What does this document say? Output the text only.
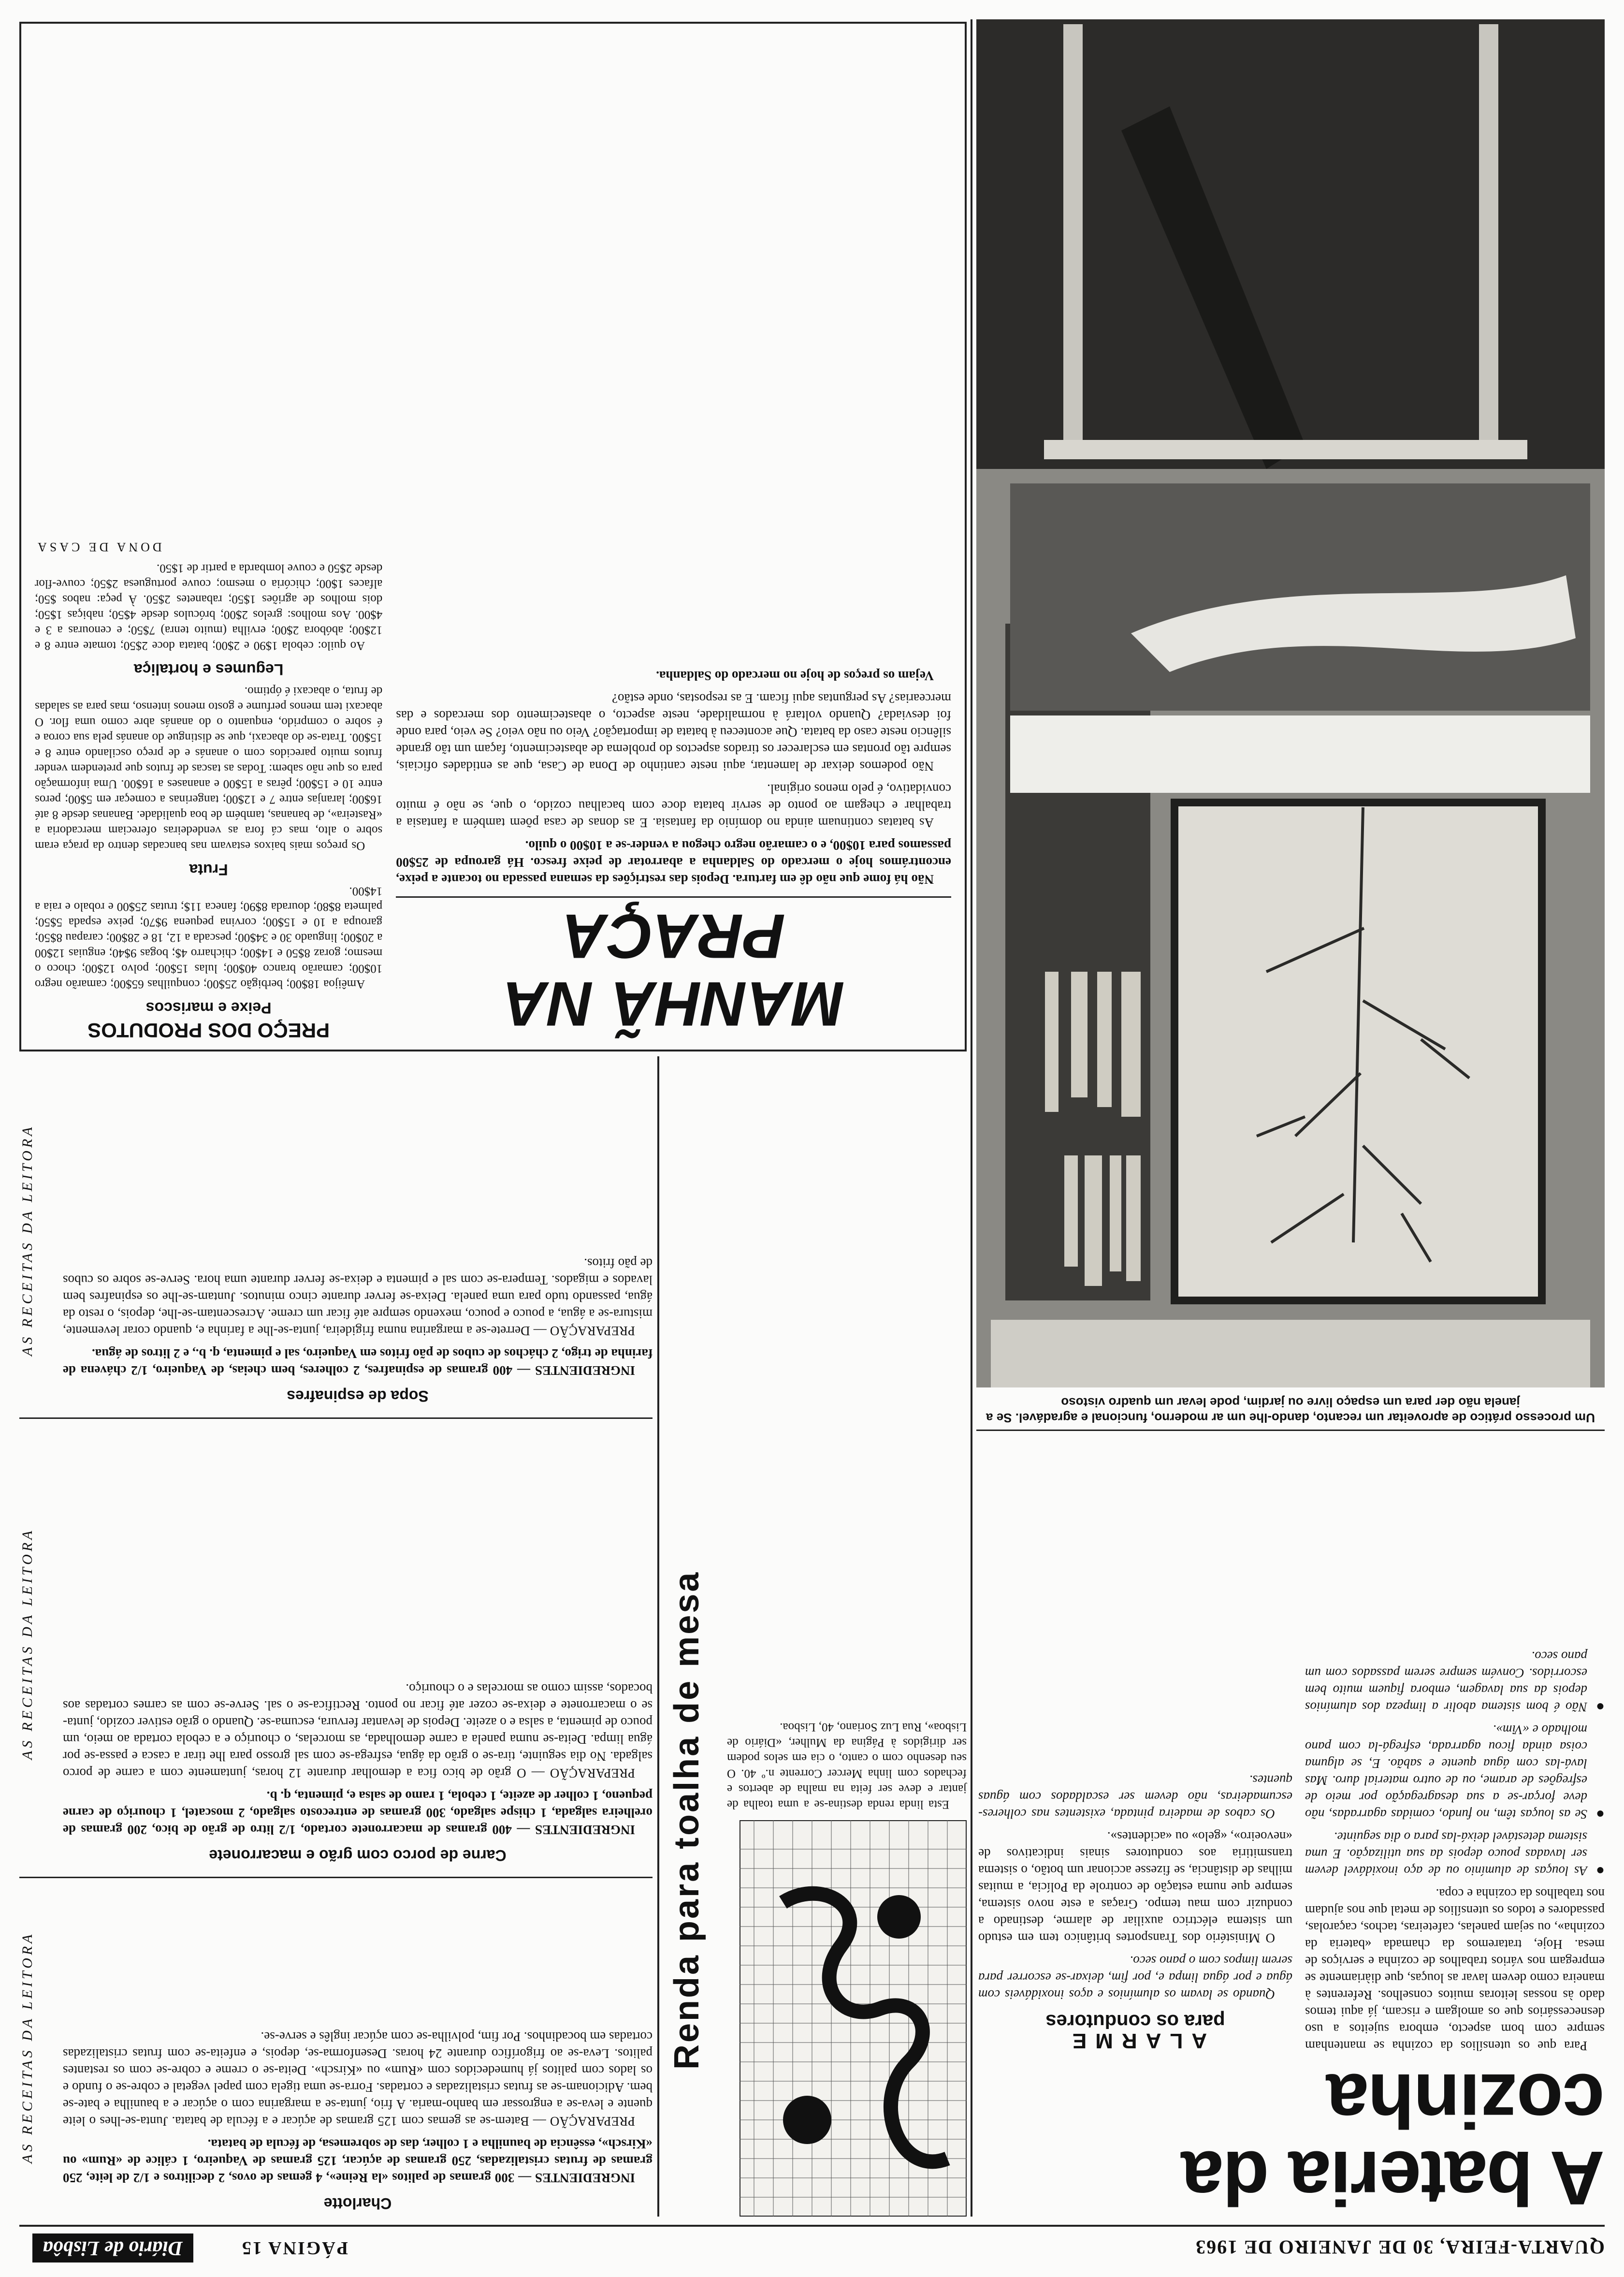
QUARTA-FEIRA, 30 DE JANEIRO DE 1963
PÁGINA 15
Diário de Lisbôa
A bateria da cozinha

Para que os utensílios da cozinha se mantenham sempre com bom aspecto, embora sujeitos a uso desnecessários que os amolgam e riscam, já aqui temos dado às nossas leitoras muitos conselhos. Referentes à maneira como devem lavar as louças, que diàriamente se empregam nos vários trabalhos de cozinha e serviços de mesa. Hoje, trataremos da chamada «bateria da cozinha», ou sejam panelas, cafeteiras, tachos, caçarolas, passadores e todos os utensílios de metal que nos ajudam nos trabalhos da cozinha e copa.

● As louças de alumínio ou de aço inoxidável devem ser lavadas pouco depois da sua utilização. E uma sistema detestável deixá-las para o dia seguinte.

● Se as louças têm, no fundo, comidas agarradas, não deve forçar-se a sua desagregação por meio de esfregões de arame, ou de outro material duro. Mas lavá-las com água quente e sabão. E, se alguma coisa ainda ficou agarrada, esfregá-la com pano molhado e «Vim».

● Não é bom sistema abolir a limpeza dos alumínios depois da sua lavagem, embora fiquem muito bem escorridos. Convém sempre serem passados com um pano seco.

ALARME
para os condutores

Quando se lavam os alumínios e aços inoxidáveis com água e por água limpa e, por fim, deixar-se escorrer para serem limpos com o pano seco.

O Ministério dos Transportes britânico tem em estudo um sistema eléctrico auxiliar de alarme, destinado a conduzir com mau tempo. Graças a este novo sistema, sempre que numa estação de controle da Polícia, a muitas milhas de distância, se fizesse accionar um botão, o sistema transmitiria aos condutores sinais indicativos de «nevoeiro», «gelo» ou «acidentes».

Os cabos de madeira pintada, existentes nas colheres-escumadeiras, não devem ser escaldados com águas quentes.

Um processo prático de aproveitar um recanto, dando-lhe um ar moderno, funcional e agradável. Se a janela não der para um espaço livre ou jardim, pode levar um quadro vistoso

Esta linda renda destina-se a uma toalha de jantar e deve ser feita na malha de abertos e fechados com linha Mercer Corrente n.º 40. O seu desenho com o canto, o cia em selos podem ser dirigidos à Página da Mulher, «Diário de Lisboa», Rua Luz Soriano, 40, Lisboa.

Renda para toalha de mesa
AS RECEITAS DA LEITORA
Charlotte

INGREDIENTES — 300 gramas de palitos «la Reine», 4 gemas de ovos, 2 decilitros e 1/2 de leite, 250 gramas de frutas cristalizadas, 250 gramas de açúcar, 125 gramas de Vaqueiro, 1 cálice de «Rum» ou «Kirsch», essência de baunilha e 1 colher, das de sobremesa, de fécula de batata.

PREPARAÇÃO — Batem-se as gemas com 125 gramas de açúcar e a fécula de batata. Junta-se-lhes o leite quente e leva-se a engrossar em banho-maria. A frio, junta-se a margarina com o açúcar e a baunilha e bate-se bem. Adicionam-se as frutas cristalizadas e cortadas. Forra-se uma tigela com papel vegetal e cobre-se o fundo e os lados com palitos já humedecidos com «Rum» ou «Kirsch». Deita-se o creme e cobre-se com os restantes palitos. Leva-se ao frigorífico durante 24 horas. Desenforma-se, depois, e enfeita-se com frutas cristalizadas cortadas em bocadinhos. Por fim, polvilha-se com açúcar inglês e serve-se.

AS RECEITAS DA LEITORA
Carne de porco com grão e macarronete

INGREDIENTES — 400 gramas de macarronete cortado, 1/2 litro de grão de bico, 200 gramas de orelheira salgada, 1 chispe salgado, 300 gramas de entrecosto salgado, 2 moscatel, 1 chouriço de carne pequeno, 1 colher de azeite, 1 cebola, 1 ramo de salsa e, pimenta, q. b.

PREPARAÇÃO — O grão de bico fica a demolhar durante 12 horas, juntamente com a carne de porco salgada. No dia seguinte, tira-se o grão da água, esfrega-se com sal grosso para lhe tirar a casca e passa-se por água limpa. Deita-se numa panela a carne demolhada, as morcelas, o chouriço e a cebola cortada ao meio, um pouco de pimenta, a salsa e o azeite. Depois de levantar fervura, escuma-se. Quando o grão estiver cozido, junta-se o macarronete e deixa-se cozer até ficar no ponto. Rectifica-se o sal. Serve-se com as carnes cortadas aos bocados, assim como as morcelas e o chouriço.

AS RECEITAS DA LEITORA
Sopa de espinafres

INGREDIENTES — 400 gramas de espinafres, 2 colheres, bem cheias, de Vaqueiro, 1/2 chávena de farinha de trigo, 2 cháchos de cubos de pão fritos em Vaqueiro, sal e pimenta, q. b., e 2 litros de água.

PREPARAÇÃO — Derrete-se a margarina numa frigideira, junta-se-lhe a farinha e, quando corar levemente, mistura-se a água, a pouco e pouco, mexendo sempre até ficar um creme. Acrescentam-se-lhe, depois, o resto da água, passando tudo para uma panela. Deixa-se ferver durante cinco minutos. Juntam-se-lhe os espinafres bem lavados e migados. Tempera-se com sal e pimenta e deixa-se ferver durante uma hora. Serve-se sobre os cubos de pão fritos.

MANHÃ NA PRAÇA

Não há fome que não dê em fartura. Depois das restrições da semana passada no tocante a peixe, encontrámos hoje o mercado do Saldanha a abarrotar de peixe fresco. Há garoupa de 25$00 passamos para 10$00, e o camarão negro chegou a vender-se a 10$00 o quilo.

As batatas continuam ainda no domínio da fantasia. E as donas de casa põem também a fantasia a trabalhar e chegam ao ponto de servir batata doce com bacalhau cozido, o que, se não é muito convidativo, é pelo menos original.

Não podemos deixar de lamentar, aqui neste cantinho de Dona de Casa, que as entidades oficiais, sempre tão prontas em esclarecer os tirados aspectos do problema de abastecimento, façam um tão grande silêncio neste caso da batata. Que aconteceu à batata de importação? Veio ou não veio? Se veio, para onde foi desviada? Quando voltará à normalidade, neste aspecto, o abastecimento dos mercados e das mercearias? As perguntas aqui ficam. E as respostas, onde estão?

Vejam os preços de hoje no mercado do Saldanha.

PREÇO DOS PRODUTOS
Peixe e mariscos

Amêijoa 18$00; berbigão 25$00; conquilhas 65$00; camarão negro 10$00; camarão branco 40$00; lulas 15$00; polvo 12$00; choco o mesmo; goraz 8$50 e 14$00; chicharro 4$; bogas 9$40; enguias 12$00 a 20$00; linguado 30 e 34$00; pescada a 12, 18 e 28$00; carapau 8$50; garoupa a 10 e 15$00; corvina pequena 9$70; peixe espada 5$50; palmeta 8$80; dourada 8$90; faneca 11$; trutas 25$00 e robalo e raia a 14$00.

Fruta

Os preços mais baixos estavam nas bancadas dentro da praça eram sobre o alto, mas cá fora as vendedeiras ofereciam mercadoria a «Rasteira», de bananas, também de boa qualidade. Bananas desde 8 até 16$00; laranjas entre 7 e 12$00; tangerinas a começar em 5$00; peros entre 10 e 15$00; pêras a 15$00 e ananases a 16$00. Uma informação para os que não sabem: Todas as tascas de frutos que pretendem vender frutos muito parecidos com o ananás e de preço oscilando entre 8 e 15$00. Trata-se do abacaxi, que se distingue do ananás pela sua coroa e é sobre o comprido, enquanto o do ananás abre como uma flor. O abacaxi tem menos perfume e gosto menos intenso, mas para as saladas de fruta, o abacaxi é óptimo.

Legumes e hortaliça

Ao quilo: cebola 1$90 e 2$00; batata doce 2$50; tomate entre 8 e 12$00; abóbora 2$00; ervilha (muito tenra) 7$50; e cenouras a 3 e 4$00. Aos molhos: grelos 2$00; bróculos desde 4$50; nabiças 1$50; dois molhos de agriões 1$50; rabanetes 2$50. À peça: nabos $50; alfaces 1$00; chicória o mesmo; couve portuguesa 2$50; couve-flor desde 2$50 e couve lombarda a partir de 1$50.

DONA DE CASA
